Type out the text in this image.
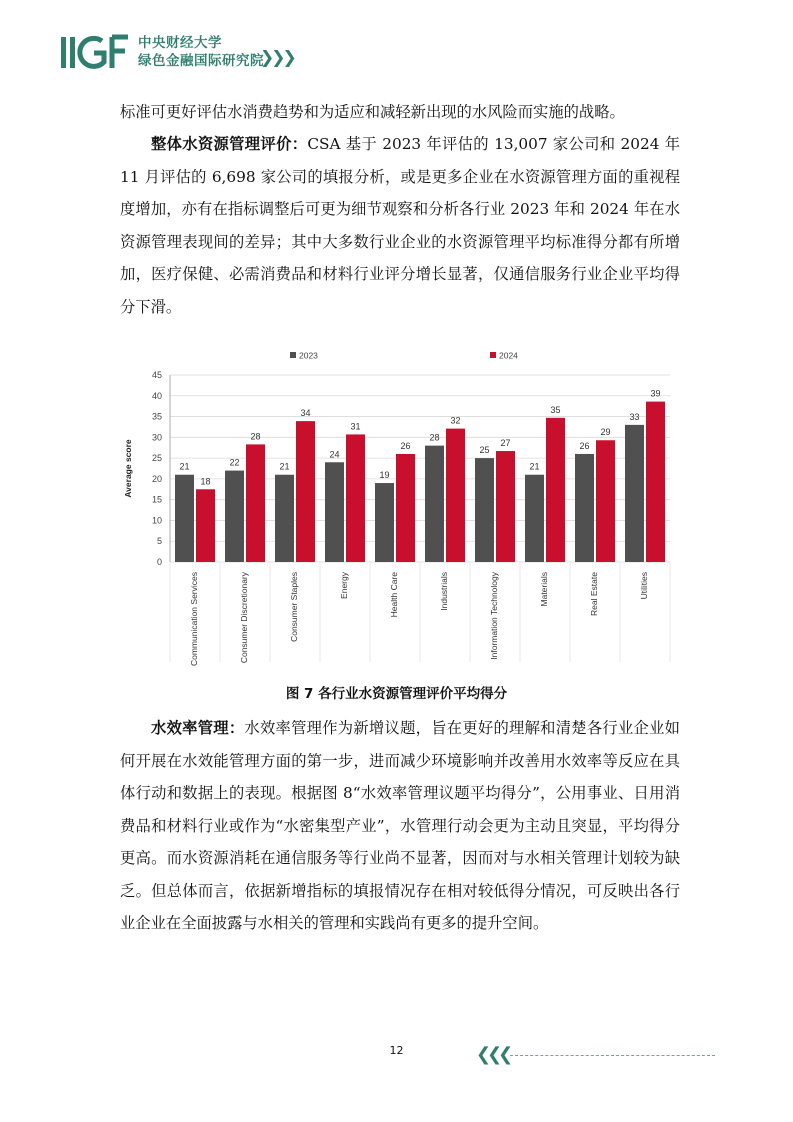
中央财经大学
绿色金融国际研究院
❯❯❯
标准可更好评估水消费趋势和为适应和减轻新出现的水风险而实施的战略。
整体水资源管理评价：CSA 基于 2023 年评估的 13,007 家公司和 2024 年 11 月评估的 6,698 家公司的填报分析，或是更多企业在水资源管理方面的重视程度增加，亦有在指标调整后可更为细节观察和分析各行业 2023 年和 2024 年在水资源管理表现间的差异；其中大多数行业企业的水资源管理平均标准得分都有所增加，医疗保健、必需消费品和材料行业评分增长显著，仅通信服务行业企业平均得分下滑。
0
5
10
15
20
25
30
35
40
45
Average score	21
18
Communication Services
22
28
Consumer Discretionary
21
34
Consumer Staples
24
31
Energy
19
26
Health Care
28
32
Industrials
25
27
Information Technology
21
35
Materials
26
29
Real Estate
33
39
Utilities
2023	2024
图 7 各行业水资源管理评价平均得分
水效率管理：水效率管理作为新增议题，旨在更好的理解和清楚各行业企业如何开展在水效能管理方面的第一步，进而减少环境影响并改善用水效率等反应在具体行动和数据上的表现。根据图 8“水效率管理议题平均得分”，公用事业、日用消费品和材料行业或作为“水密集型产业”，水管理行动会更为主动且突显，平均得分更高。而水资源消耗在通信服务等行业尚不显著，因而对与水相关管理计划较为缺乏。但总体而言，依据新增指标的填报情况存在相对较低得分情况，可反映出各行业企业在全面披露与水相关的管理和实践尚有更多的提升空间。
12	❮❮❮
